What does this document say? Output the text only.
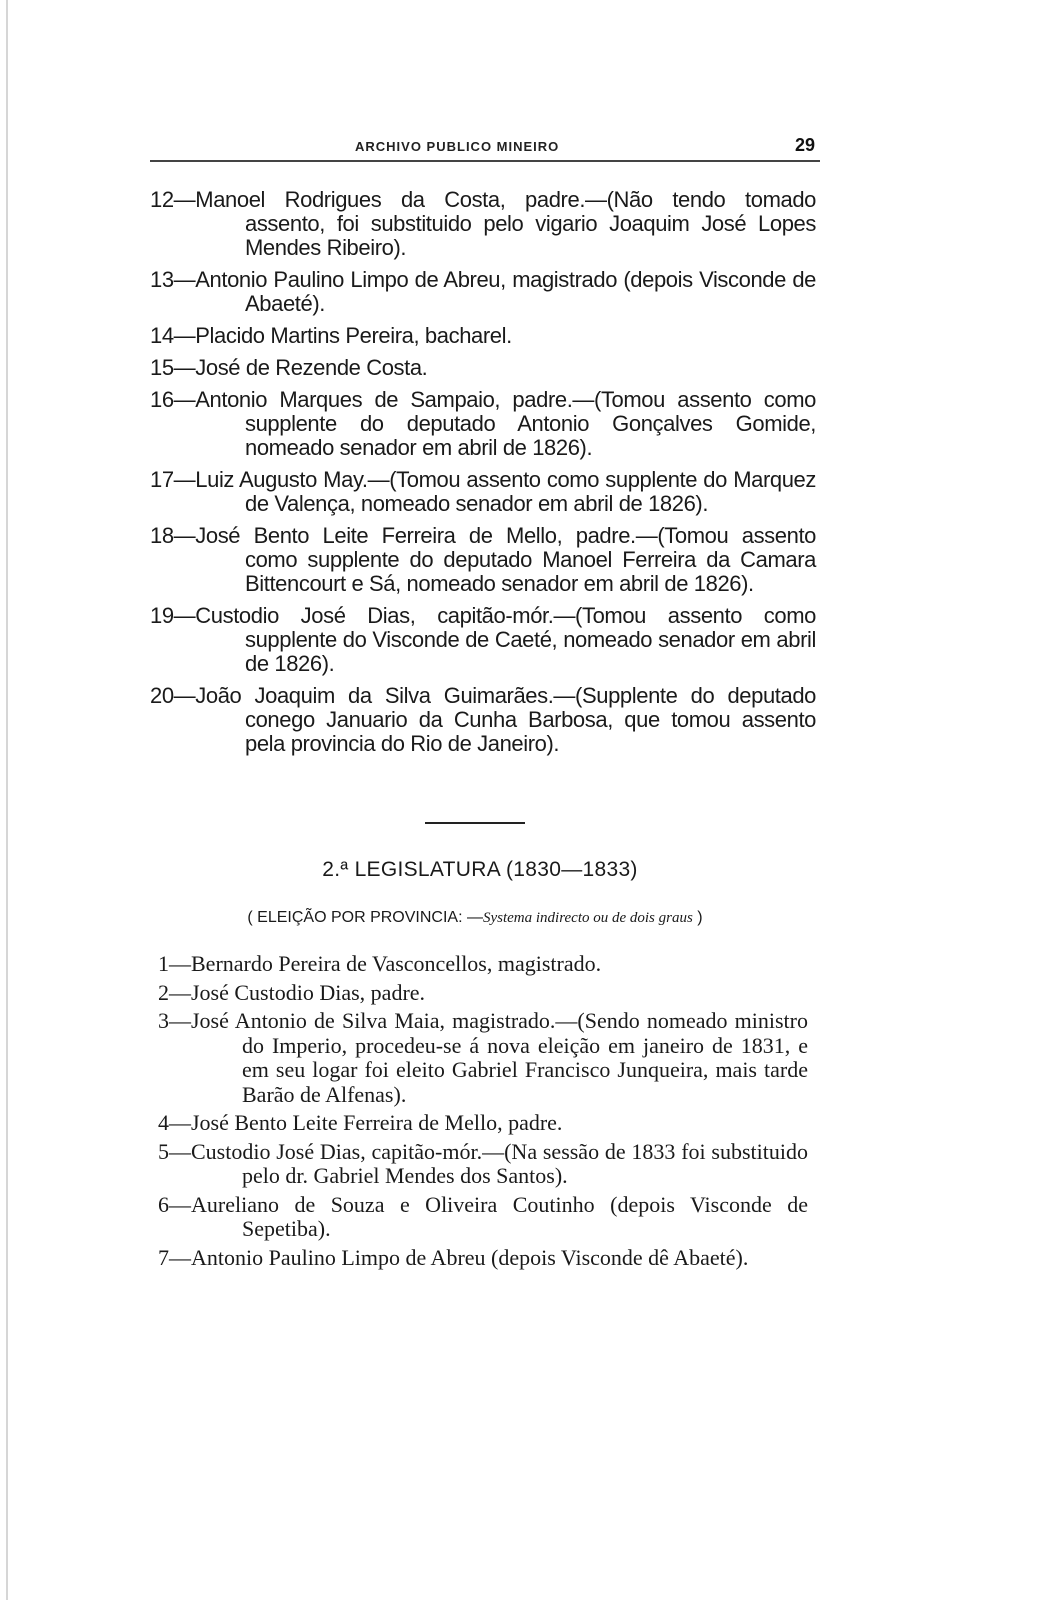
ARCHIVO PUBLICO MINEIRO	29

12—Manoel Rodrigues da Costa, padre.—(Não tendo tomado assento, foi substituido pelo vigario Joaquim José Lopes Mendes Ribeiro).

13—Antonio Paulino Limpo de Abreu, magistrado (depois Visconde de Abaeté).

14—Placido Martins Pereira, bacharel.

15—José de Rezende Costa.

16—Antonio Marques de Sampaio, padre.—(Tomou assento como supplente do deputado Antonio Gonçalves Gomide, nomeado senador em abril de 1826).

17—Luiz Augusto May.—(Tomou assento como supplente do Marquez de Valença, nomeado senador em abril de 1826).

18—José Bento Leite Ferreira de Mello, padre.—(Tomou assento como supplente do deputado Manoel Ferreira da Camara Bittencourt e Sá, nomeado senador em abril de 1826).

19—Custodio José Dias, capitão-mór.—(Tomou assento como supplente do Visconde de Caeté, nomeado senador em abril de 1826).

20—João Joaquim da Silva Guimarães.—(Supplente do deputado conego Januario da Cunha Barbosa, que tomou assento pela provincia do Rio de Janeiro).

2.ª LEGISLATURA (1830—1833)
( ELEIÇÃO POR PROVINCIA: —Systema indirecto ou de dois graus )

1—Bernardo Pereira de Vasconcellos, magistrado.

2—José Custodio Dias, padre.

3—José Antonio de Silva Maia, magistrado.—(Sendo nomeado ministro do Imperio, procedeu-se á nova eleição em janeiro de 1831, e em seu logar foi eleito Gabriel Francisco Junqueira, mais tarde Barão de Alfenas).

4—José Bento Leite Ferreira de Mello, padre.

5—Custodio José Dias, capitão-mór.—(Na sessão de 1833 foi substituido pelo dr. Gabriel Mendes dos Santos).

6—Aureliano de Souza e Oliveira Coutinho (depois Visconde de Sepetiba).

7—Antonio Paulino Limpo de Abreu (depois Visconde dê Abaeté).
